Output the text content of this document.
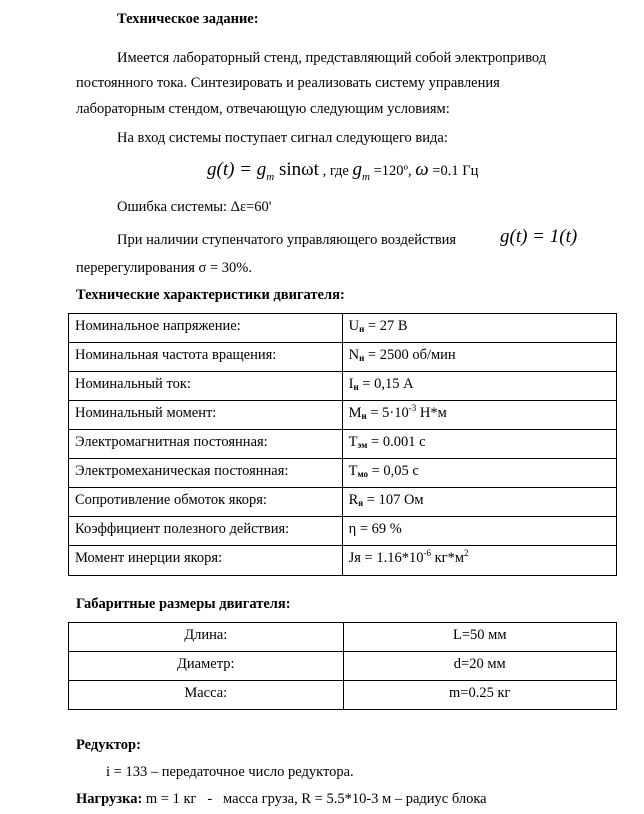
Техническое задание:
Имеется лабораторный стенд, представляющий собой электропривод
постоянного тока. Синтезировать и реализовать систему управления
лабораторным стендом, отвечающую следующим условиям:
На вход системы поступает сигнал следующего вида:
$g(t) = g_m$ sinωt , где $g_m$ =120º, ω =0.1 Гц
Ошибка системы: Δε=60'
При наличии ступенчатого управляющего воздействия g(t) = 1(t)
перерегулирования σ = 30%.
Технические характеристики двигателя:
Номинальное напряжение:	$U_н = 27$ В
Номинальная частота вращения:	$N_н = 2500$ об/мин
Номинальный ток:	$I_н = 0,15$ А
Номинальный момент:	$M_н = 5\cdot 10^{-3}$ Н*м
Электромагнитная постоянная:	$T_{эм} = 0.001$ с
Электромеханическая постоянная:	$T_{мо} = 0,05$ с
Сопротивление обмоток якоря:	$R_я = 107$ Ом
Коэффициент полезного действия:	η = 69 %
Момент инерции якоря:	Jя = $1.16*10^{-6}$ $кг*м^2$
Габаритные размеры двигателя:
Длина:	L=50 мм
Диаметр:	d=20 мм
Масса:	m=0.25 кг
Редуктор:
i = 133 – передаточное число редуктора.
Нагрузка: m = 1 кг   -   масса груза, R = 5.5*10-3 м – радиус блока
